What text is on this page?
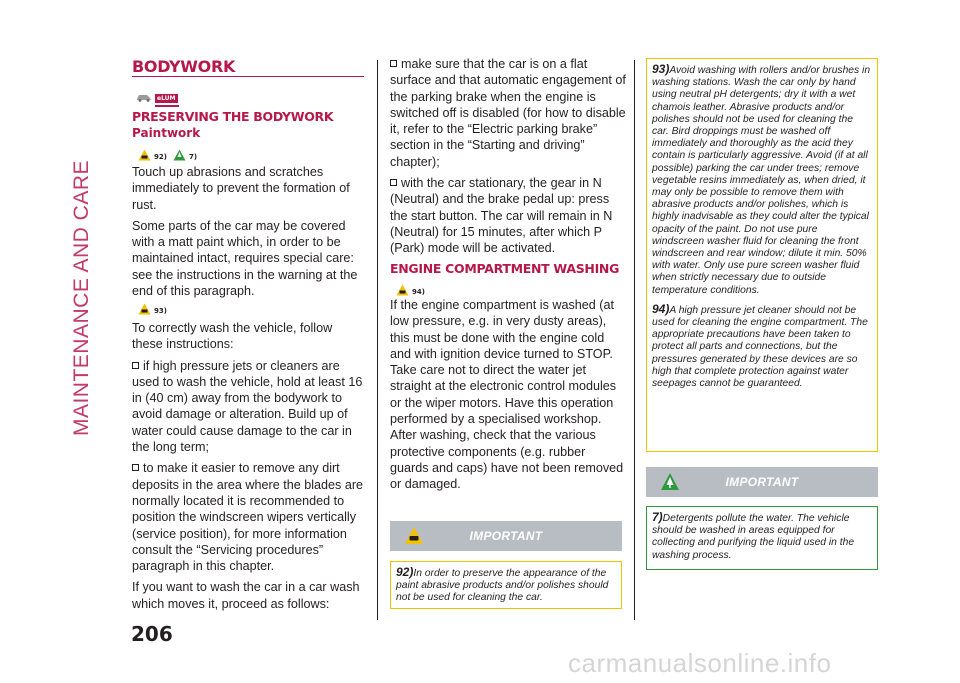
MAINTENANCE AND CARE
BODYWORK
eLUM
PRESERVING THE BODYWORK
Paintwork
92)	7)

Touch up abrasions and scratches immediately to prevent the formation of rust.

Some parts of the car may be covered with a matt paint which, in order to be maintained intact, requires special care: see the instructions in the warning at the end of this paragraph.

93)

To correctly wash the vehicle, follow these instructions:

if high pressure jets or cleaners are used to wash the vehicle, hold at least 16 in (40 cm) away from the bodywork to avoid damage or alteration. Build up of water could cause damage to the car in the long term;

to make it easier to remove any dirt deposits in the area where the blades are normally located it is recommended to position the windscreen wipers vertically (service position), for more information consult the “Servicing procedures” paragraph in this chapter.

If you want to wash the car in a car wash which moves it, proceed as follows:

206

make sure that the car is on a flat surface and that automatic engagement of the parking brake when the engine is switched off is disabled (for how to disable it, refer to the “Electric parking brake” section in the “Starting and driving” chapter);

with the car stationary, the gear in N (Neutral) and the brake pedal up: press the start button. The car will remain in N (Neutral) for 15 minutes, after which P (Park) mode will be activated.

ENGINE COMPARTMENT WASHING
94)

If the engine compartment is washed (at low pressure, e.g. in very dusty areas), this must be done with the engine cold and with ignition device turned to STOP. Take care not to direct the water jet straight at the electronic control modules or the wiper motors. Have this operation performed by a specialised workshop. After washing, check that the various protective components (e.g. rubber guards and caps) have not been removed or damaged.

IMPORTANT

92)In order to preserve the appearance of the paint abrasive products and/or polishes should not be used for cleaning the car.

93)Avoid washing with rollers and/or brushes in washing stations. Wash the car only by hand using neutral pH detergents; dry it with a wet chamois leather. Abrasive products and/or polishes should not be used for cleaning the car. Bird droppings must be washed off immediately and thoroughly as the acid they contain is particularly aggressive. Avoid (if at all possible) parking the car under trees; remove vegetable resins immediately as, when dried, it may only be possible to remove them with abrasive products and/or polishes, which is highly inadvisable as they could alter the typical opacity of the paint. Do not use pure windscreen washer fluid for cleaning the front windscreen and rear window; dilute it min. 50% with water. Only use pure screen washer fluid when strictly necessary due to outside temperature conditions.

94)A high pressure jet cleaner should not be used for cleaning the engine compartment. The appropriate precautions have been taken to protect all parts and connections, but the pressures generated by these devices are so high that complete protection against water seepages cannot be guaranteed.

IMPORTANT

7)Detergents pollute the water. The vehicle should be washed in areas equipped for collecting and purifying the liquid used in the washing process.

carmanualsonline.info
